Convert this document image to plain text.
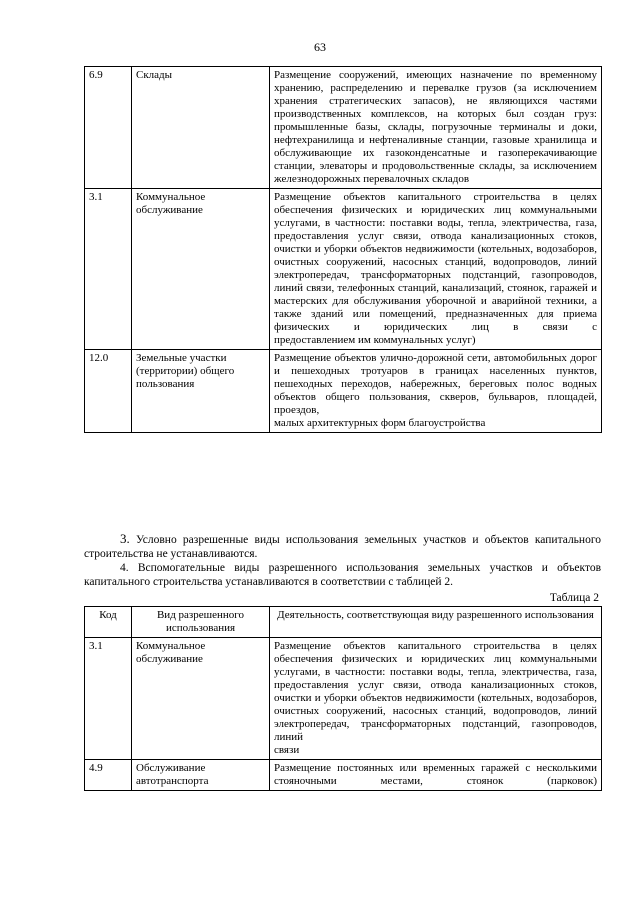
63
6.9	Склады	Размещение сооружений, имеющих назначение по временному хранению, распределению и перевалке грузов (за исключением хранения стратегических запасов), не являющихся частями производственных комплексов, на которых был создан груз: промышленные базы, склады, погрузочные терминалы и доки, нефтехранилища и нефтеналивные станции, газовые хранилища и обслуживающие их газоконденсатные и газоперекачивающие станции, элеваторы и продовольственные склады, за исключением
железнодорожных перевалочных складов

3.1	Коммунальное обслуживание	Размещение объектов капитального строительства в целях обеспечения физических и юридических лиц коммунальными услугами, в частности: поставки воды, тепла, электричества, газа, предоставления услуг связи, отвода канализационных стоков, очистки и уборки объектов недвижимости (котельных, водозаборов, очистных сооружений, насосных станций, водопроводов, линий электропередач, трансформаторных подстанций, газопроводов, линий связи, телефонных станций, канализаций, стоянок, гаражей и мастерских для обслуживания уборочной и аварийной техники, а также зданий или помещений, предназначенных для приема физических и юридических лиц в связи с
предоставлением им коммунальных услуг)

12.0	Земельные участки (территории) общего пользования	Размещение объектов улично-дорожной сети, автомобильных дорог и пешеходных тротуаров в границах населенных пунктов, пешеходных переходов, набережных, береговых полос водных объектов общего пользования, скверов, бульваров, площадей, проездов,
малых архитектурных форм благоустройства
3. Условно разрешенные виды использования земельных участков и объектов капитального строительства не устанавливаются.
4. Вспомогательные виды разрешенного использования земельных участков и объектов капитального строительства устанавливаются в соответствии с таблицей 2.
Таблица 2
Код	Вид разрешенного использования	Деятельность, соответствующая виду разрешенного использования
3.1	Коммунальное обслуживание	Размещение объектов капитального строительства в целях обеспечения физических и юридических лиц коммунальными услугами, в частности: поставки воды, тепла, электричества, газа, предоставления услуг связи, отвода канализационных стоков, очистки и уборки объектов недвижимости (котельных, водозаборов, очистных сооружений, насосных станций, водопроводов, линий электропередач, трансформаторных подстанций, газопроводов, линий
связи

4.9	Обслуживание автотранспорта	Размещение постоянных или временных гаражей с несколькими стояночными местами, стоянок (парковок)
